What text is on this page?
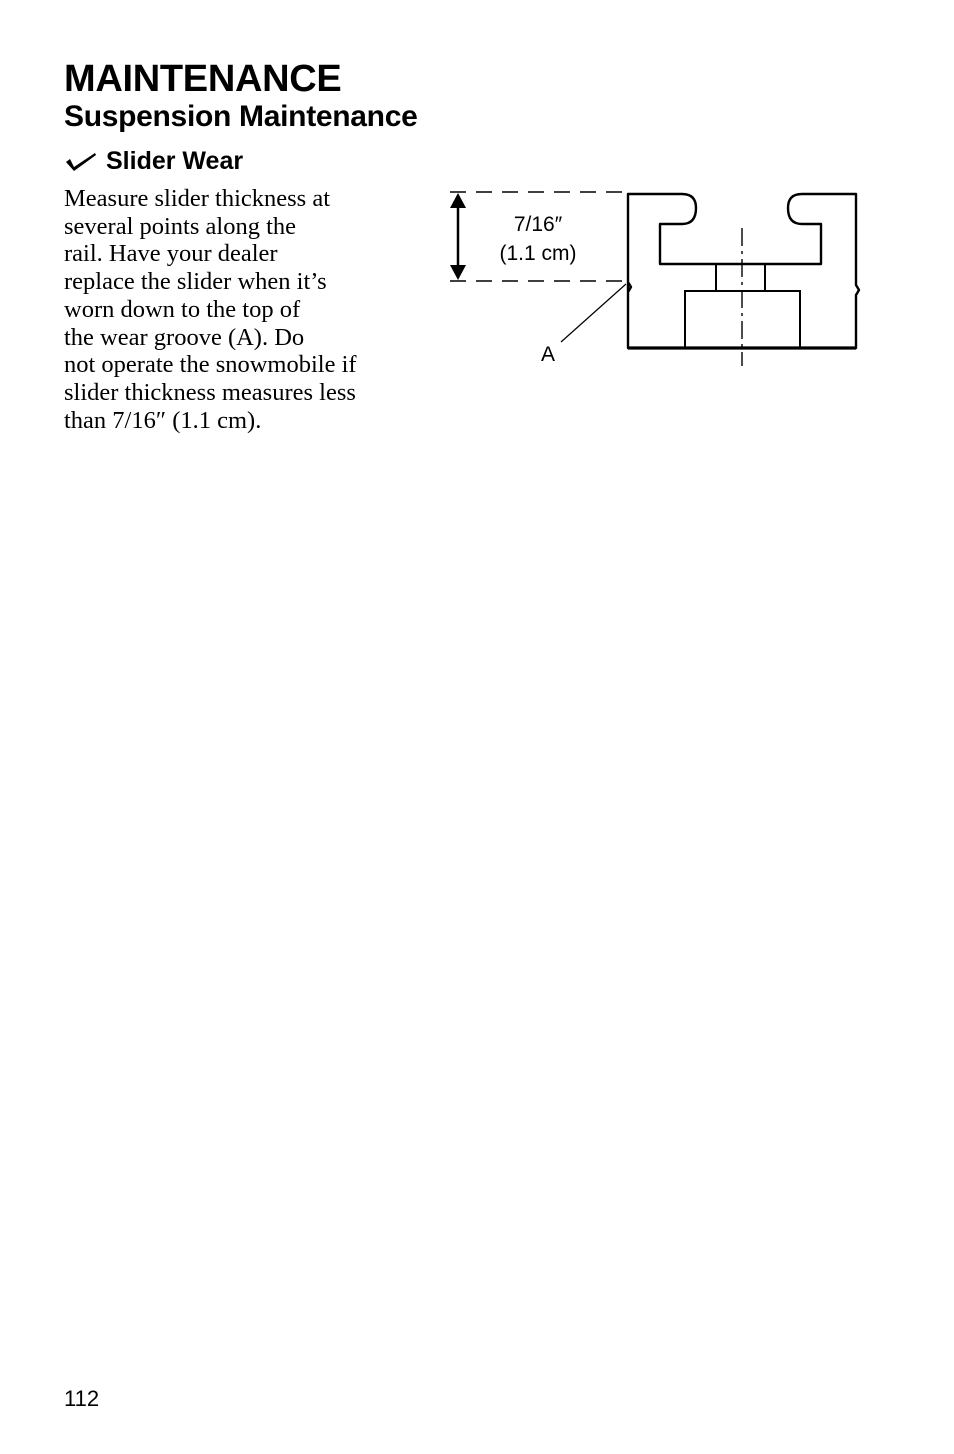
MAINTENANCE
Suspension Maintenance
Slider Wear
Measure slider thickness at
several points along the
rail. Have your dealer
replace the slider when it’s
worn down to the top of
the wear groove (A). Do
not operate the snowmobile if
slider thickness measures less
than 7/16″ (1.1 cm).
7/16″
(1.1 cm)
A

112
